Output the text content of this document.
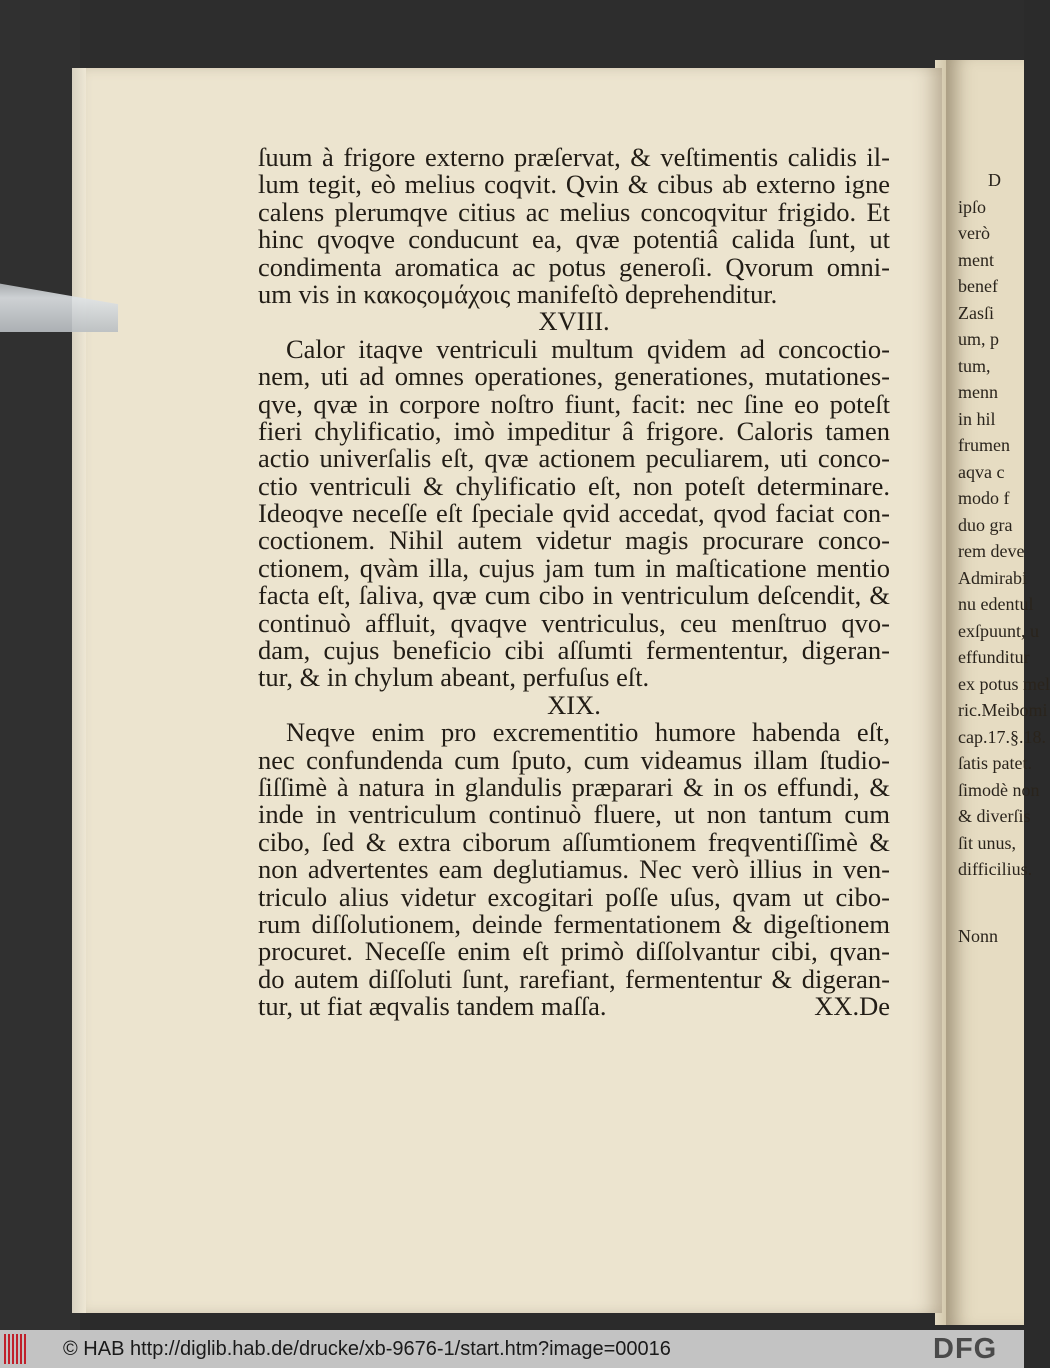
D
ipſo
verò
ment
benef
Zasſi
um, p
tum,
menn
in hil
frumen
aqva c
modo f
duo gra
rem deve
Admirabi
nu edentul
exſpuunt, u
effunditur
ex potus mel
ric.Meibomi
cap.17.§.18.
ſatis patet.
ſimodè non
& diverſis
ſit unus,
difficilius.
Nonn
ſuum à frigore externo præſervat, & veſtimentis calidis il-
lum tegit, eò melius coqvit. Qvin & cibus ab externo igne
calens plerumqve citius ac melius concoqvitur frigido. Et
hinc qvoqve conducunt ea, qvæ potentiâ calida ſunt, ut
condimenta aromatica ac potus generoſi. Qvorum omni-
um vis in κακοςομάχοις manifeſtò deprehenditur.
XVIII.
Calor itaqve ventriculi multum qvidem ad concoctio-
nem, uti ad omnes operationes, generationes, mutationes-
qve, qvæ in corpore noſtro fiunt, facit: nec ſine eo poteſt
fieri chylificatio, imò impeditur â frigore. Caloris tamen
actio univerſalis eſt, qvæ actionem peculiarem, uti conco-
ctio ventriculi & chylificatio eſt, non poteſt determinare.
Ideoqve neceſſe eſt ſpeciale qvid accedat, qvod faciat con-
coctionem. Nihil autem videtur magis procurare conco-
ctionem, qvàm illa, cujus jam tum in maſticatione mentio
facta eſt, ſaliva, qvæ cum cibo in ventriculum deſcendit, &
continuò affluit, qvaqve ventriculus, ceu menſtruo qvo-
dam, cujus beneficio cibi aſſumti fermententur, digeran-
tur, & in chylum abeant, perfuſus eſt.
XIX.
Neqve enim pro excrementitio humore habenda eſt,
nec confundenda cum ſputo, cum videamus illam ſtudio-
ſiſſimè à natura in glandulis præparari & in os effundi, &
inde in ventriculum continuò fluere, ut non tantum cum
cibo, ſed & extra ciborum aſſumtionem freqventiſſimè &
non advertentes eam deglutiamus. Nec verò illius in ven-
triculo alius videtur excogitari poſſe uſus, qvam ut cibo-
rum diſſolutionem, deinde fermentationem & digeſtionem
procuret. Neceſſe enim eſt primò diſſolvantur cibi, qvan-
do autem diſſoluti ſunt, rarefiant, fermententur & digeran-
tur, ut fiat æqvalis tandem maſſa.	XX.De
© HAB http://diglib.hab.de/drucke/xb-9676-1/start.htm?image=00016	DFG
